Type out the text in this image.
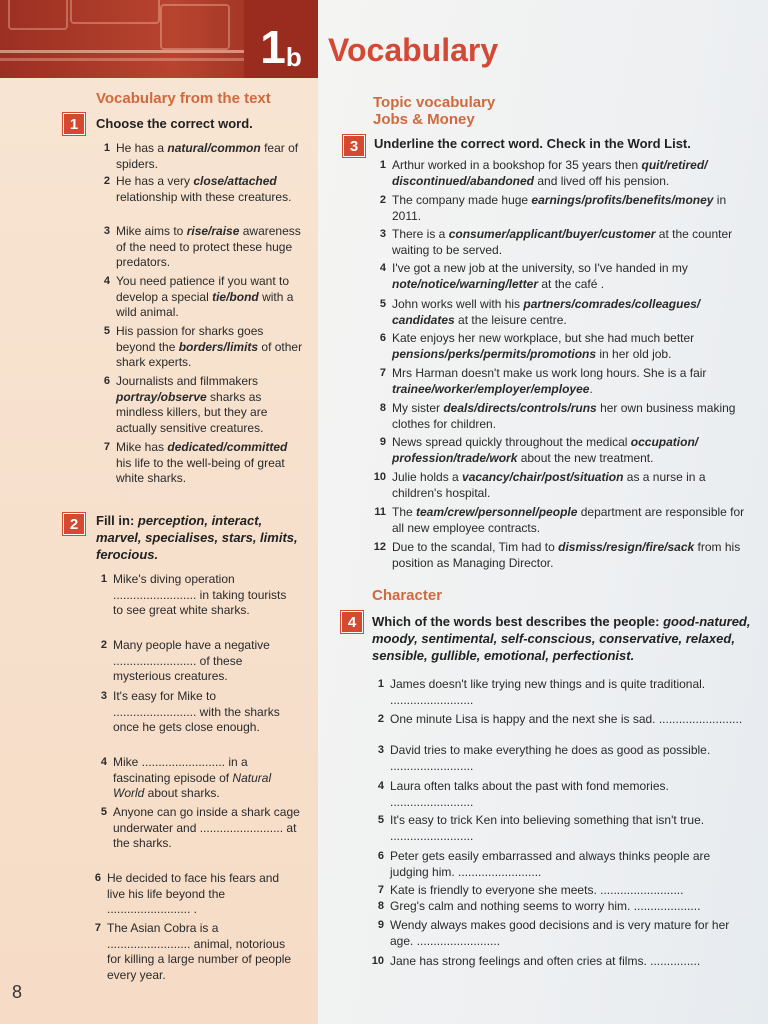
1 b Vocabulary
Vocabulary from the text
1	Choose the correct word.
1 He has a natural/common fear of spiders.
2 He has a very close/attached relationship with these creatures.
3 Mike aims to rise/raise awareness of the need to protect these huge predators.
4 You need patience if you want to develop a special tie/bond with a wild animal.
5 His passion for sharks goes beyond the borders/limits of other shark experts.
6 Journalists and filmmakers portray/observe sharks as mindless killers, but they are actually sensitive creatures.
7 Mike has dedicated/committed his life to the well-being of great white sharks.
2	Fill in: perception, interact, marvel, specialises, stars, limits, ferocious.
1 Mike's diving operation ......................... in taking tourists to see great white sharks.
2 Many people have a negative ......................... of these mysterious creatures.
3 It's easy for Mike to ......................... with the sharks once he gets close enough.
4 Mike ......................... in a fascinating episode of Natural World about sharks.
5 Anyone can go inside a shark cage underwater and ......................... at the sharks.
6 He decided to face his fears and live his life beyond the ......................... .
7 The Asian Cobra is a ......................... animal, notorious for killing a large number of people every year.
Topic vocabulary
Jobs & Money
3	Underline the correct word. Check in the Word List.
1 Arthur worked in a bookshop for 35 years then quit/retired/ discontinued/abandoned and lived off his pension.
2 The company made huge earnings/profits/benefits/money in 2011.
3 There is a consumer/applicant/buyer/customer at the counter waiting to be served.
4 I've got a new job at the university, so I've handed in my note/notice/warning/letter at the café .
5 John works well with his partners/comrades/colleagues/ candidates at the leisure centre.
6 Kate enjoys her new workplace, but she had much better pensions/perks/permits/promotions in her old job.
7 Mrs Harman doesn't make us work long hours. She is a fair trainee/worker/employer/employee.
8 My sister deals/directs/controls/runs her own business making clothes for children.
9 News spread quickly throughout the medical occupation/ profession/trade/work about the new treatment.
10 Julie holds a vacancy/chair/post/situation as a nurse in a children's hospital.
11 The team/crew/personnel/people department are responsible for all new employee contracts.
12 Due to the scandal, Tim had to dismiss/resign/fire/sack from his position as Managing Director.
Character
4	Which of the words best describes the people: good-natured, moody, sentimental, self-conscious, conservative, relaxed, sensible, gullible, emotional, perfectionist.
1 James doesn't like trying new things and is quite traditional. .........................
2 One minute Lisa is happy and the next she is sad. .........................
3 David tries to make everything he does as good as possible. .........................
4 Laura often talks about the past with fond memories. .........................
5 It's easy to trick Ken into believing something that isn't true. .........................
6 Peter gets easily embarrassed and always thinks people are judging him. .........................
7 Kate is friendly to everyone she meets. .........................
8 Greg's calm and nothing seems to worry him. ....................
9 Wendy always makes good decisions and is very mature for her age. .........................
10 Jane has strong feelings and often cries at films. ...............
8
